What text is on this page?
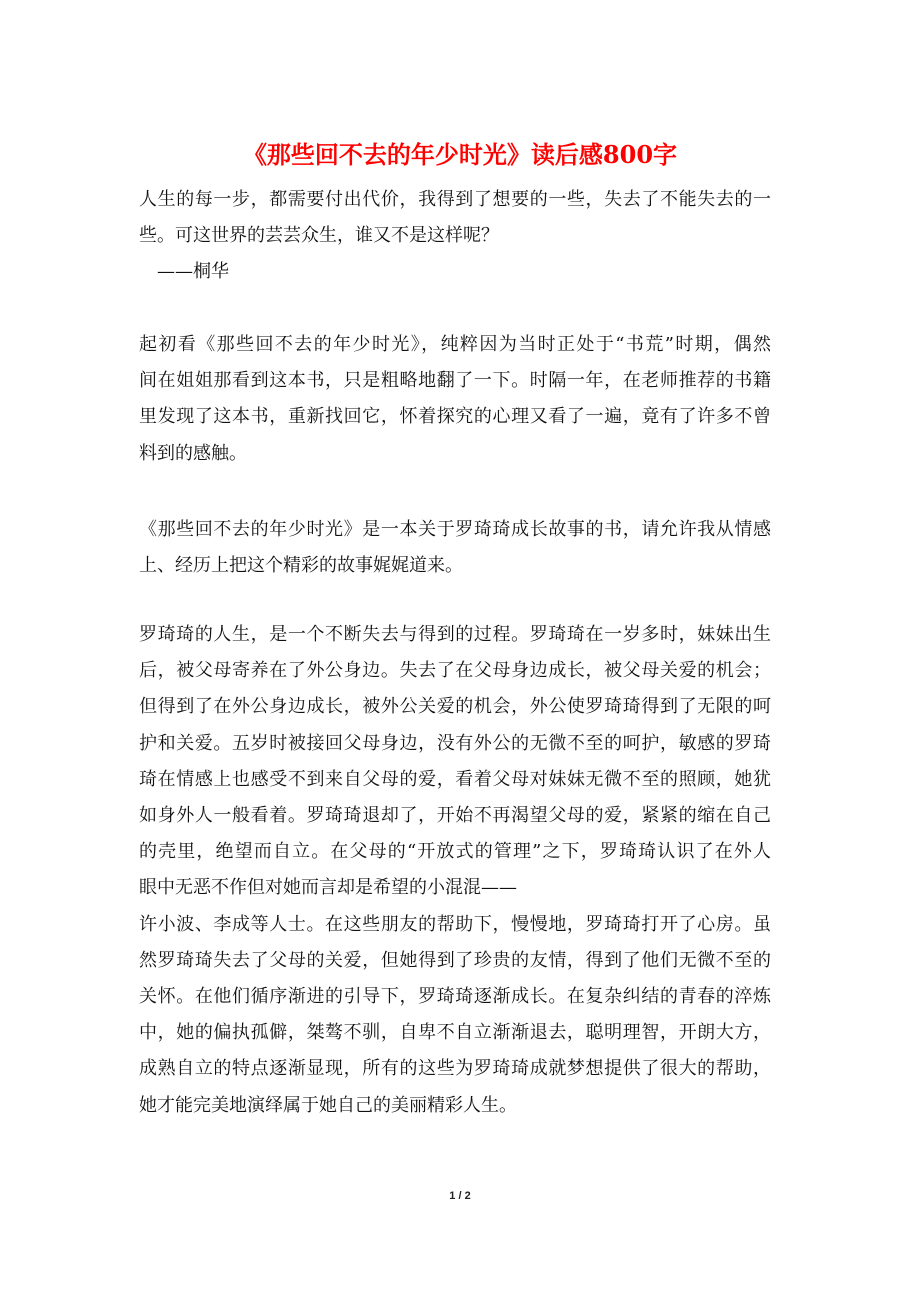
《那些回不去的年少时光》读后感800字
人生的每一步，都需要付出代价，我得到了想要的一些，失去了不能失去的一
些。可这世界的芸芸众生，谁又不是这样呢？
　——桐华
起初看《那些回不去的年少时光》，纯粹因为当时正处于“书荒”时期，偶然
间在姐姐那看到这本书，只是粗略地翻了一下。时隔一年，在老师推荐的书籍
里发现了这本书，重新找回它，怀着探究的心理又看了一遍，竟有了许多不曾
料到的感触。
《那些回不去的年少时光》是一本关于罗琦琦成长故事的书，请允许我从情感
上、经历上把这个精彩的故事娓娓道来。
罗琦琦的人生，是一个不断失去与得到的过程。罗琦琦在一岁多时，妹妹出生
后，被父母寄养在了外公身边。失去了在父母身边成长，被父母关爱的机会；
但得到了在外公身边成长，被外公关爱的机会，外公使罗琦琦得到了无限的呵
护和关爱。五岁时被接回父母身边，没有外公的无微不至的呵护，敏感的罗琦
琦在情感上也感受不到来自父母的爱，看着父母对妹妹无微不至的照顾，她犹
如身外人一般看着。罗琦琦退却了，开始不再渴望父母的爱，紧紧的缩在自己
的壳里，绝望而自立。在父母的“开放式的管理”之下，罗琦琦认识了在外人
眼中无恶不作但对她而言却是希望的小混混——
许小波、李成等人士。在这些朋友的帮助下，慢慢地，罗琦琦打开了心房。虽
然罗琦琦失去了父母的关爱，但她得到了珍贵的友情，得到了他们无微不至的
关怀。在他们循序渐进的引导下，罗琦琦逐渐成长。在复杂纠结的青春的淬炼
中，她的偏执孤僻，桀骜不驯，自卑不自立渐渐退去，聪明理智，开朗大方，
成熟自立的特点逐渐显现，所有的这些为罗琦琦成就梦想提供了很大的帮助，
她才能完美地演绎属于她自己的美丽精彩人生。
1 / 2
